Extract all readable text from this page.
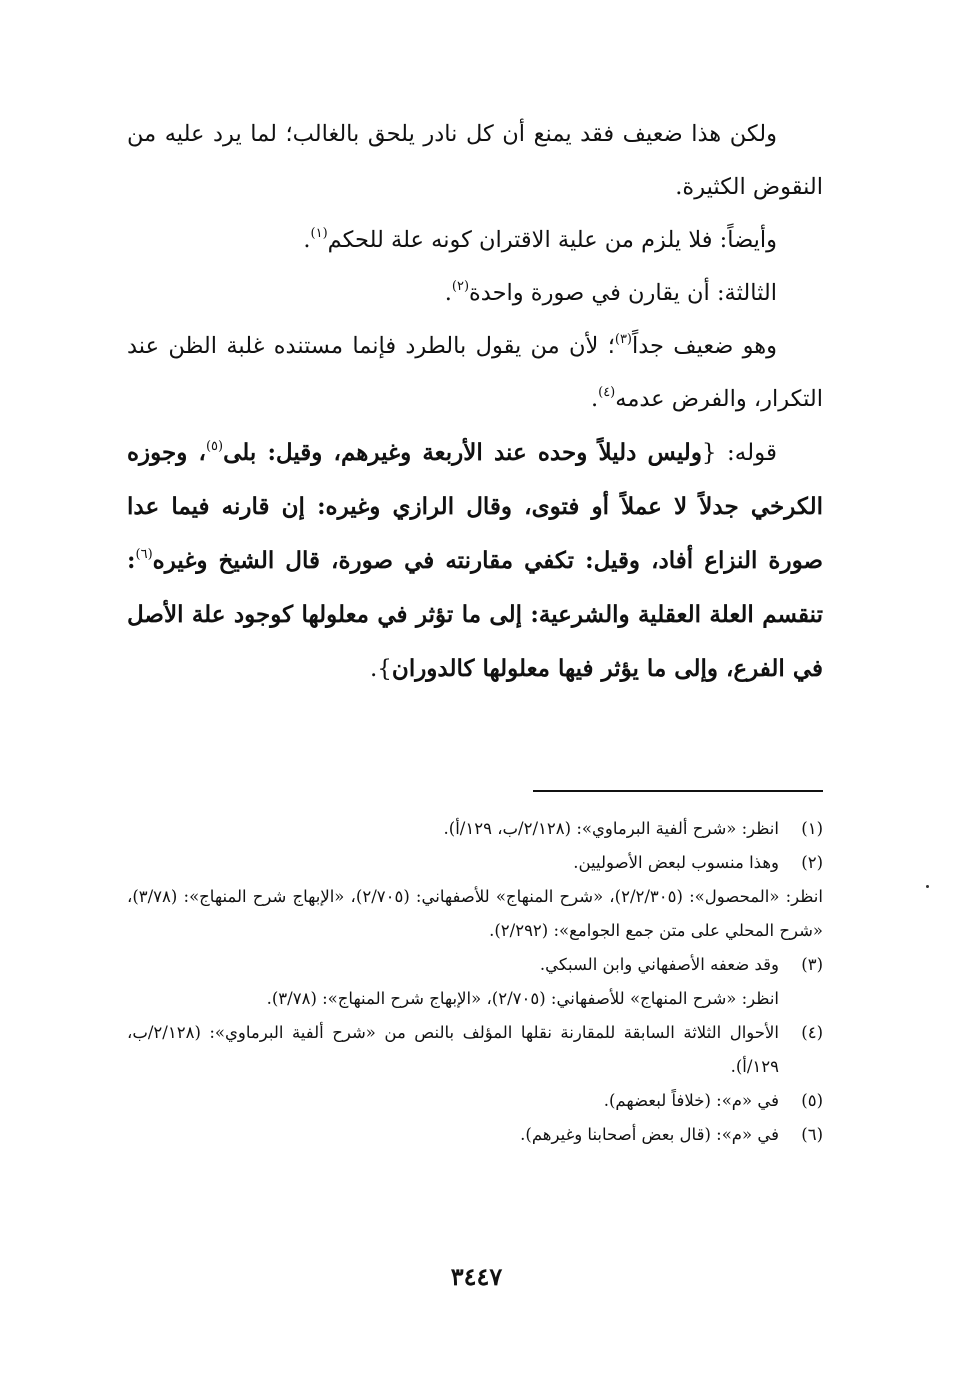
ولكن هذا ضعيف فقد يمنع أن كل نادر يلحق بالغالب؛ لما يرد عليه من النقوض الكثيرة.

وأيضاً: فلا يلزم من علية الاقتران كونه علة للحكم$^{(١)}$.

الثالثة: أن يقارن في صورة واحدة$^{(٢)}$.

وهو ضعيف جداً$^{(٣)}$؛ لأن من يقول بالطرد فإنما مستنده غلبة الظن عند التكرار، والفرض عدمه$^{(٤)}$.

قوله: {وليس دليلاً وحده عند الأربعة وغيرهم، وقيل: بلى$^{(٥)}$، وجوزه الكرخي جدلاً لا عملاً أو فتوى، وقال الرازي وغيره: إن قارنه فيما عدا صورة النزاع أفاد، وقيل: تكفي مقارنته في صورة، قال الشيخ وغيره$^{(٦)}$: تنقسم العلة العقلية والشرعية: إلى ما تؤثر في معلولها كوجود علة الأصل في الفرع، وإلى ما يؤثر فيها معلولها كالدوران}.

(١)

انظر: «شرح ألفية البرماوي»: (٢/١٢٨/ب، ١٢٩/أ).

(٢)

وهذا منسوب لبعض الأصوليين.

انظر: «المحصول»: (٢/٢/٣٠٥)، «شرح المنهاج» للأصفهاني: (٢/٧٠٥)، «الإبهاج شرح المنهاج»: (٣/٧٨)، «شرح المحلي على متن جمع الجوامع»: (٢/٢٩٢).

(٣)

وقد ضعفه الأصفهاني وابن السبكي.

انظر: «شرح المنهاج» للأصفهاني: (٢/٧٠٥)، «الإبهاج شرح المنهاج»: (٣/٧٨).

(٤)

الأحوال الثلاثة السابقة للمقارنة نقلها المؤلف بالنص من «شرح ألفية البرماوي»: (٢/١٢٨/ب، ١٢٩/أ).

(٥)

في «م»: (خلافاً لبعضهم).

(٦)

في «م»: (قال بعض أصحابنا وغيرهم).

٣٤٤٧
